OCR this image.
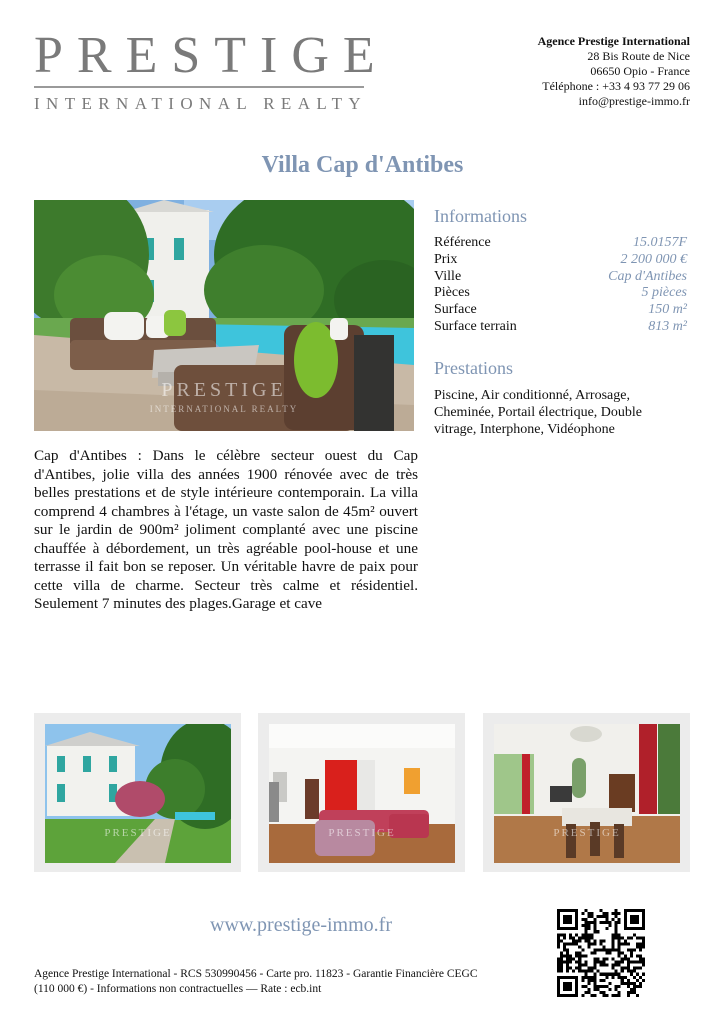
PRESTIGE
INTERNATIONAL REALTY
Agence Prestige International
28 Bis Route de Nice
06650 Opio - France
Téléphone : +33 4 93 77 29 06
info@prestige-immo.fr
Villa Cap d'Antibes
PRESTIGE
INTERNATIONAL REALTY
Cap d'Antibes : Dans le célèbre secteur ouest du Cap d'Antibes, jolie villa des années 1900 rénovée avec de très belles prestations et de style intérieure contemporain. La villa comprend 4 chambres à l'étage, un vaste salon de 45m² ouvert sur le jardin de 900m² joliment complanté avec une piscine chauffée à débordement, un très agréable pool-house et une terrasse il fait bon se reposer. Un véritable havre de paix pour cette villa de charme. Secteur très calme et résidentiel. Seulement 7 minutes des plages.Garage et cave
Informations
Référence	15.0157F
Prix	2 200 000 €
Ville	Cap d'Antibes
Pièces	5 pièces
Surface	150 m²
Surface terrain	813 m²
Prestations
Piscine, Air conditionné, Arrosage, Cheminée, Portail électrique, Double vitrage, Interphone, Vidéophone
PRESTIGE	PRESTIGE	PRESTIGE
www.prestige-immo.fr
Agence Prestige International - RCS 530990456 - Carte pro. 11823 - Garantie Financière CEGC
(110 000 €) - Informations non contractuelles — Rate : ecb.int
